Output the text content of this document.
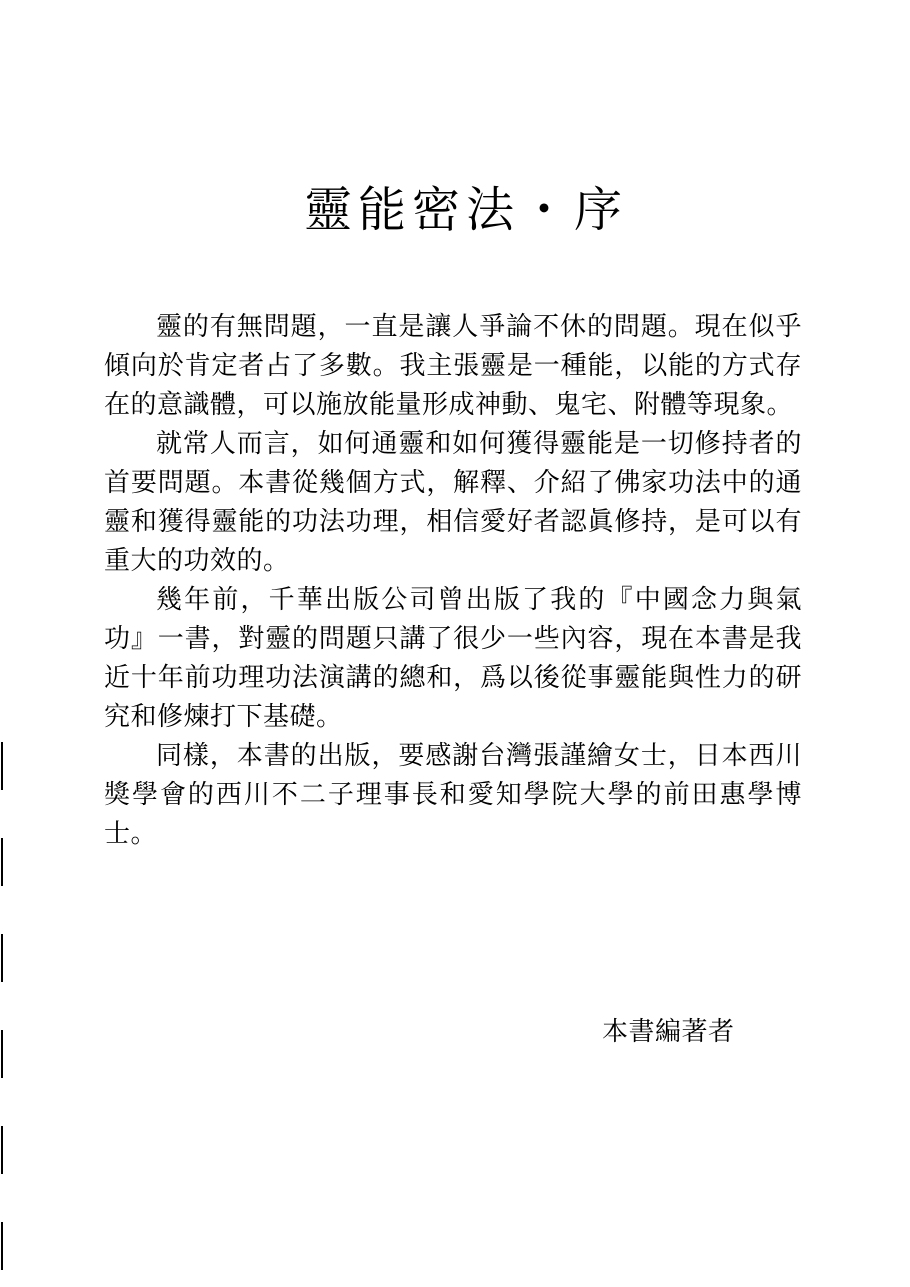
靈能密法・序

靈的有無問題，一直是讓人爭論不休的問題。現在似乎傾向於肯定者占了多數。我主張靈是一種能，以能的方式存在的意識體，可以施放能量形成神動、鬼宅、附體等現象。

就常人而言，如何通靈和如何獲得靈能是一切修持者的首要問題。本書從幾個方式，解釋、介紹了佛家功法中的通靈和獲得靈能的功法功理，相信愛好者認眞修持，是可以有重大的功效的。

幾年前，千華出版公司曾出版了我的『中國念力與氣功』一書，對靈的問題只講了很少一些內容，現在本書是我近十年前功理功法演講的總和，爲以後從事靈能與性力的研究和修煉打下基礎。

同樣，本書的出版，要感謝台灣張謹繪女士，日本西川獎學會的西川不二子理事長和愛知學院大學的前田惠學博士。

本書編著者
